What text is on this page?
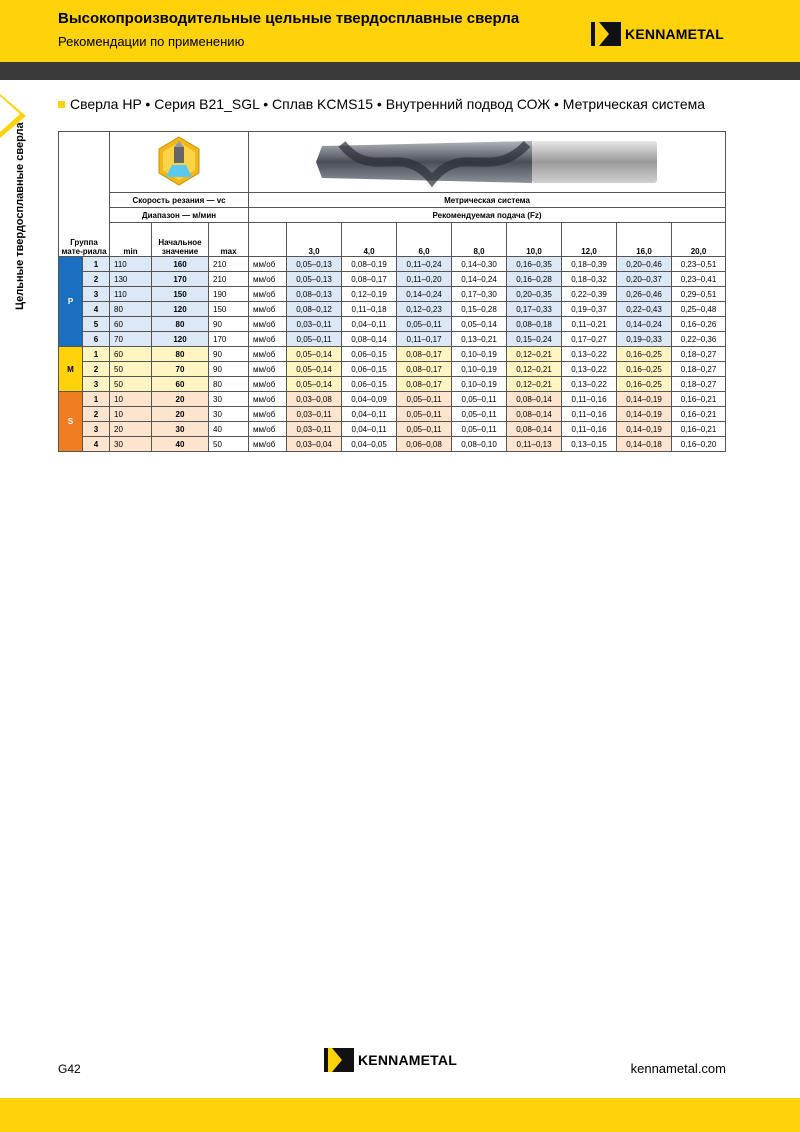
Высокопроизводительные цельные твердосплавные сверла
Рекомендации по применению	KENNAMETAL
Цельные твердосплавные сверла
Сверла HP • Серия B21_SGL • Сплав KCMS15 • Внутренний подвод СОЖ • Метрическая система

		Скорость резания — vc			Метрическая система								
		Диапазон — м/мин			Рекомендуемая подача (Fz)								
Группа мате-риала		min	Начальное значение	max		3,0	4,0	6,0	8,0	10,0	12,0	16,0	20,0
P	1	110	160	210	мм/об	0,05–0,13	0,08–0,19	0,11–0,24	0,14–0,30	0,16–0,35	0,18–0,39	0,20–0,46	0,23–0,51
	2	130	170	210	мм/об	0,05–0,13	0,08–0,17	0,11–0,20	0,14–0,24	0,16–0,28	0,18–0,32	0,20–0,37	0,23–0,41
	3	110	150	190	мм/об	0,08–0,13	0,12–0,19	0,14–0,24	0,17–0,30	0,20–0,35	0,22–0,39	0,26–0,46	0,29–0,51
	4	80	120	150	мм/об	0,08–0,12	0,11–0,18	0,12–0,23	0,15–0,28	0,17–0,33	0,19–0,37	0,22–0,43	0,25–0,48
	5	60	80	90	мм/об	0,03–0,11	0,04–0,11	0,05–0,11	0,05–0,14	0,08–0,18	0,11–0,21	0,14–0,24	0,16–0,26
	6	70	120	170	мм/об	0,05–0,11	0,08–0,14	0,11–0,17	0,13–0,21	0,15–0,24	0,17–0,27	0,19–0,33	0,22–0,36
M	1	60	80	90	мм/об	0,05–0,14	0,06–0,15	0,08–0,17	0,10–0,19	0,12–0,21	0,13–0,22	0,16–0,25	0,18–0,27
	2	50	70	90	мм/об	0,05–0,14	0,06–0,15	0,08–0,17	0,10–0,19	0,12–0,21	0,13–0,22	0,16–0,25	0,18–0,27
	3	50	60	80	мм/об	0,05–0,14	0,06–0,15	0,08–0,17	0,10–0,19	0,12–0,21	0,13–0,22	0,16–0,25	0,18–0,27
S	1	10	20	30	мм/об	0,03–0,08	0,04–0,09	0,05–0,11	0,05–0,11	0,08–0,14	0,11–0,16	0,14–0,19	0,16–0,21
	2	10	20	30	мм/об	0,03–0,11	0,04–0,11	0,05–0,11	0,05–0,11	0,08–0,14	0,11–0,16	0,14–0,19	0,16–0,21
	3	20	30	40	мм/об	0,03–0,11	0,04–0,11	0,05–0,11	0,05–0,11	0,08–0,14	0,11–0,16	0,14–0,19	0,16–0,21
	4	30	40	50	мм/об	0,03–0,04	0,04–0,05	0,06–0,08	0,08–0,10	0,11–0,13	0,13–0,15	0,14–0,18	0,16–0,20
G42
KENNAMETAL
kennametal.com
